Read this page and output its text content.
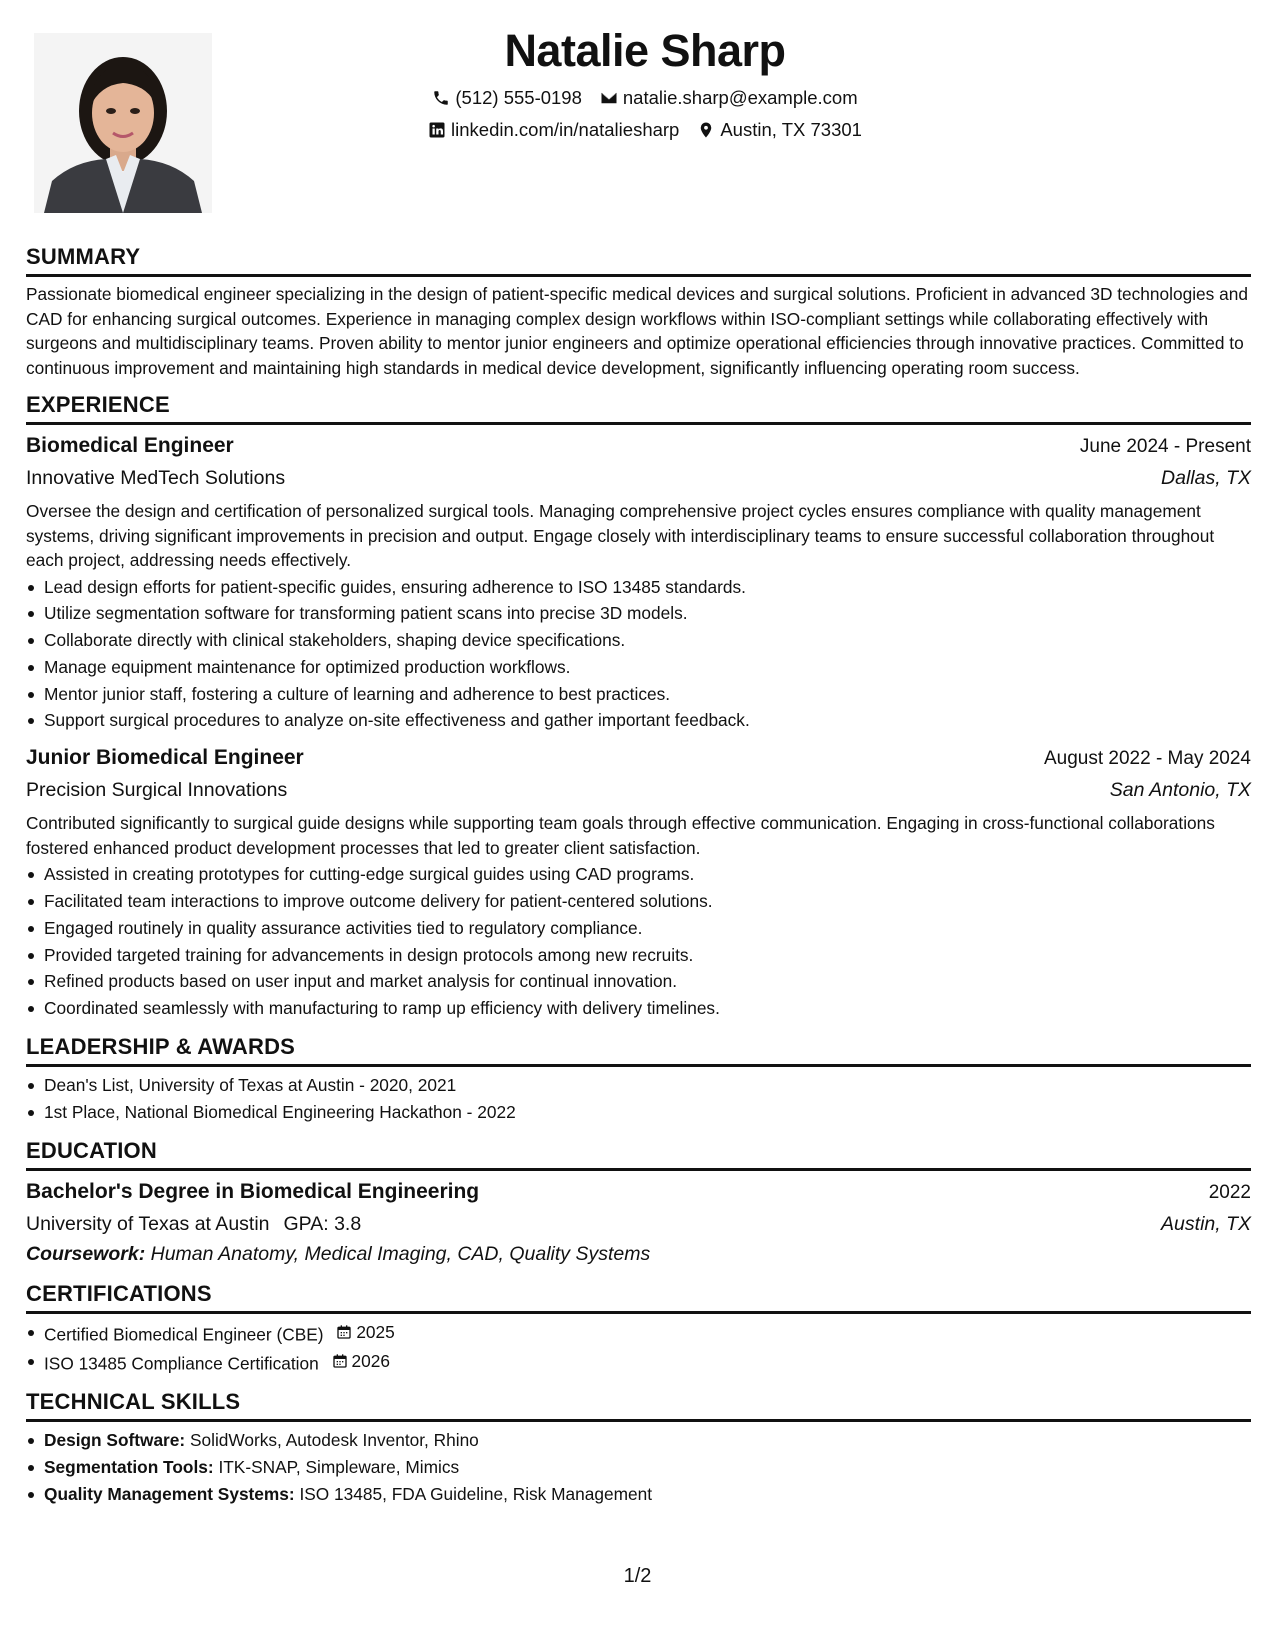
Natalie Sharp
(512) 555-0198 natalie.sharp@example.com
linkedin.com/in/nataliesharp Austin, TX 73301
SUMMARY
Passionate biomedical engineer specializing in the design of patient-specific medical devices and surgical solutions. Proficient in advanced 3D technologies and CAD for enhancing surgical outcomes. Experience in managing complex design workflows within ISO-compliant settings while collaborating effectively with surgeons and multidisciplinary teams. Proven ability to mentor junior engineers and optimize operational efficiencies through innovative practices. Committed to continuous improvement and maintaining high standards in medical device development, significantly influencing operating room success.
EXPERIENCE
Biomedical Engineer	June 2024 - Present
Innovative MedTech Solutions	Dallas, TX
Oversee the design and certification of personalized surgical tools. Managing comprehensive project cycles ensures compliance with quality management systems, driving significant improvements in precision and output. Engage closely with interdisciplinary teams to ensure successful collaboration throughout each project, addressing needs effectively.
Lead design efforts for patient-specific guides, ensuring adherence to ISO 13485 standards.
Utilize segmentation software for transforming patient scans into precise 3D models.
Collaborate directly with clinical stakeholders, shaping device specifications.
Manage equipment maintenance for optimized production workflows.
Mentor junior staff, fostering a culture of learning and adherence to best practices.
Support surgical procedures to analyze on-site effectiveness and gather important feedback.
Junior Biomedical Engineer	August 2022 - May 2024
Precision Surgical Innovations	San Antonio, TX
Contributed significantly to surgical guide designs while supporting team goals through effective communication. Engaging in cross-functional collaborations fostered enhanced product development processes that led to greater client satisfaction.
Assisted in creating prototypes for cutting-edge surgical guides using CAD programs.
Facilitated team interactions to improve outcome delivery for patient-centered solutions.
Engaged routinely in quality assurance activities tied to regulatory compliance.
Provided targeted training for advancements in design protocols among new recruits.
Refined products based on user input and market analysis for continual innovation.
Coordinated seamlessly with manufacturing to ramp up efficiency with delivery timelines.
LEADERSHIP & AWARDS
Dean's List, University of Texas at Austin - 2020, 2021
1st Place, National Biomedical Engineering Hackathon - 2022
EDUCATION
Bachelor's Degree in Biomedical Engineering	2022
University of Texas at Austin GPA: 3.8	Austin, TX
Coursework: Human Anatomy, Medical Imaging, CAD, Quality Systems
CERTIFICATIONS
Certified Biomedical Engineer (CBE) 2025
ISO 13485 Compliance Certification 2026
TECHNICAL SKILLS
Design Software: SolidWorks, Autodesk Inventor, Rhino
Segmentation Tools: ITK-SNAP, Simpleware, Mimics
Quality Management Systems: ISO 13485, FDA Guideline, Risk Management
1/2
